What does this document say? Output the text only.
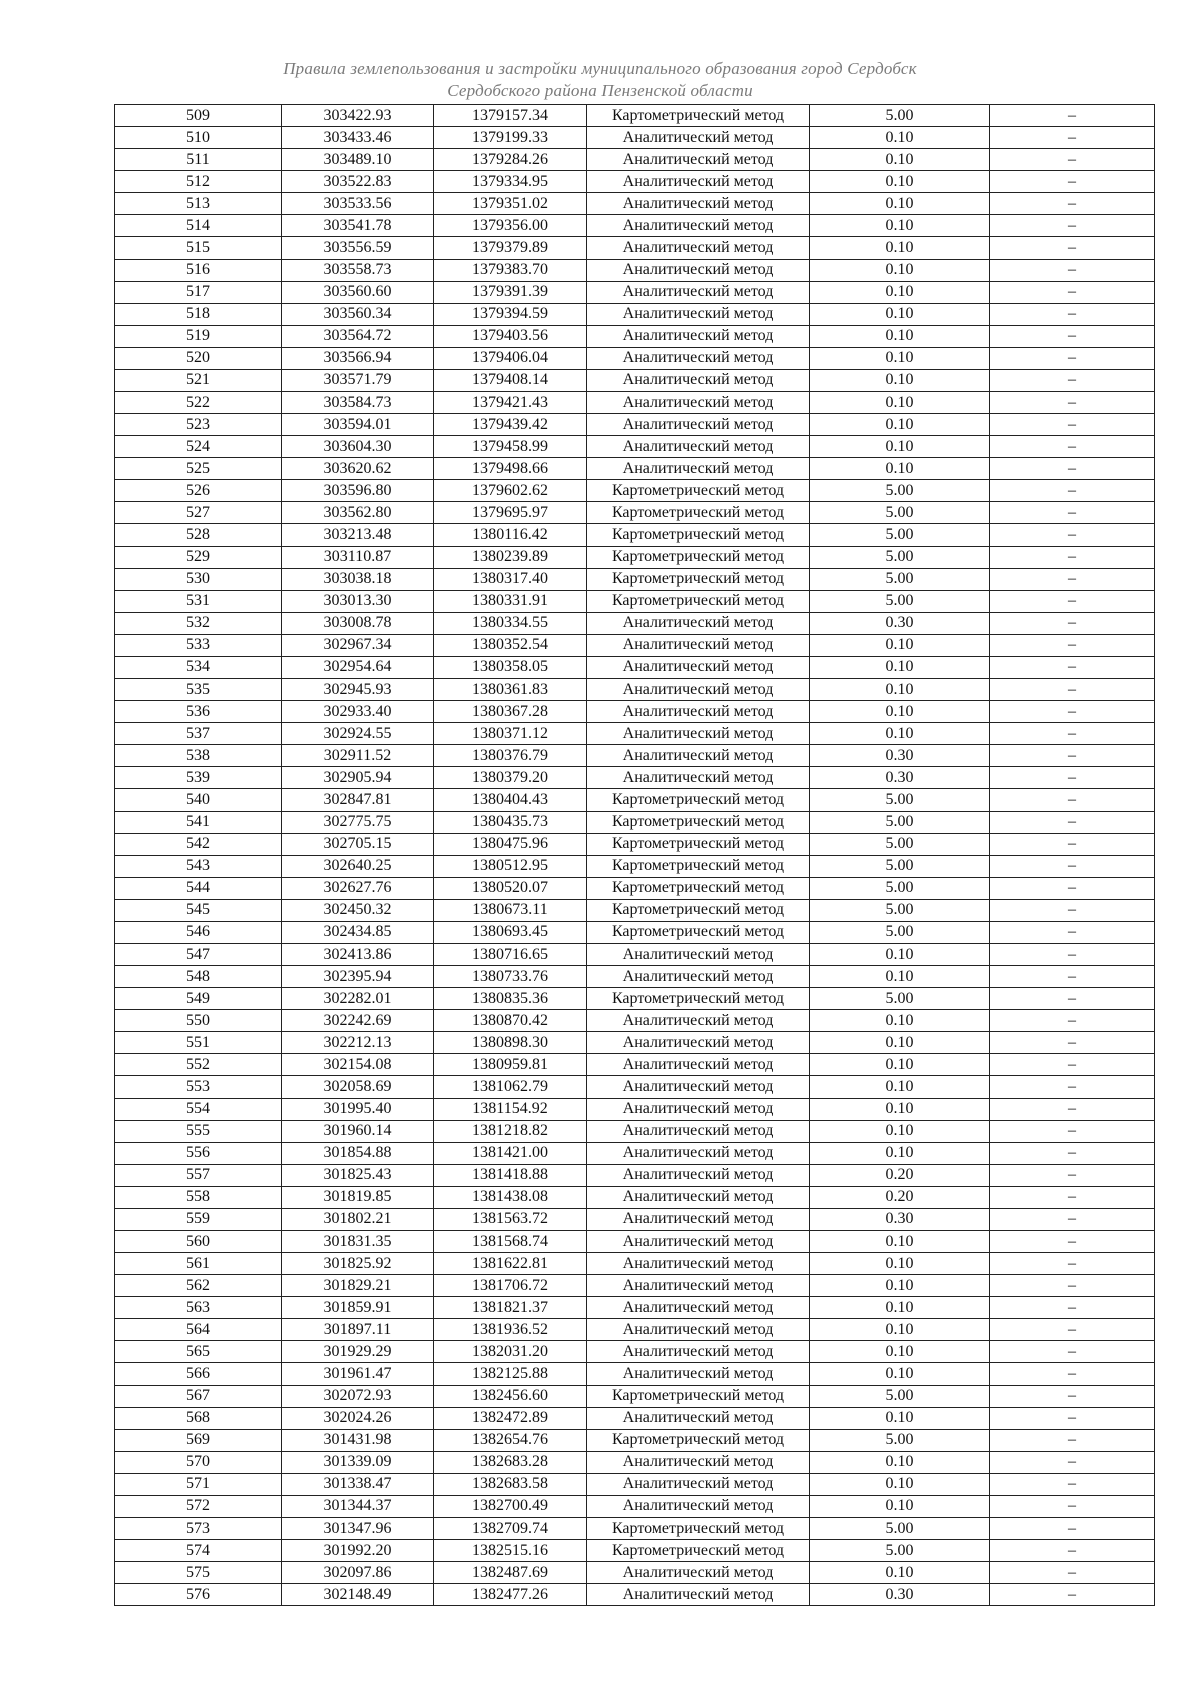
Правила землепользования и застройки муниципального образования город Сердобск
Сердобского района Пензенской области
509	303422.93	1379157.34	Картометрический метод	5.00	–
510	303433.46	1379199.33	Аналитический метод	0.10	–
511	303489.10	1379284.26	Аналитический метод	0.10	–
512	303522.83	1379334.95	Аналитический метод	0.10	–
513	303533.56	1379351.02	Аналитический метод	0.10	–
514	303541.78	1379356.00	Аналитический метод	0.10	–
515	303556.59	1379379.89	Аналитический метод	0.10	–
516	303558.73	1379383.70	Аналитический метод	0.10	–
517	303560.60	1379391.39	Аналитический метод	0.10	–
518	303560.34	1379394.59	Аналитический метод	0.10	–
519	303564.72	1379403.56	Аналитический метод	0.10	–
520	303566.94	1379406.04	Аналитический метод	0.10	–
521	303571.79	1379408.14	Аналитический метод	0.10	–
522	303584.73	1379421.43	Аналитический метод	0.10	–
523	303594.01	1379439.42	Аналитический метод	0.10	–
524	303604.30	1379458.99	Аналитический метод	0.10	–
525	303620.62	1379498.66	Аналитический метод	0.10	–
526	303596.80	1379602.62	Картометрический метод	5.00	–
527	303562.80	1379695.97	Картометрический метод	5.00	–
528	303213.48	1380116.42	Картометрический метод	5.00	–
529	303110.87	1380239.89	Картометрический метод	5.00	–
530	303038.18	1380317.40	Картометрический метод	5.00	–
531	303013.30	1380331.91	Картометрический метод	5.00	–
532	303008.78	1380334.55	Аналитический метод	0.30	–
533	302967.34	1380352.54	Аналитический метод	0.10	–
534	302954.64	1380358.05	Аналитический метод	0.10	–
535	302945.93	1380361.83	Аналитический метод	0.10	–
536	302933.40	1380367.28	Аналитический метод	0.10	–
537	302924.55	1380371.12	Аналитический метод	0.10	–
538	302911.52	1380376.79	Аналитический метод	0.30	–
539	302905.94	1380379.20	Аналитический метод	0.30	–
540	302847.81	1380404.43	Картометрический метод	5.00	–
541	302775.75	1380435.73	Картометрический метод	5.00	–
542	302705.15	1380475.96	Картометрический метод	5.00	–
543	302640.25	1380512.95	Картометрический метод	5.00	–
544	302627.76	1380520.07	Картометрический метод	5.00	–
545	302450.32	1380673.11	Картометрический метод	5.00	–
546	302434.85	1380693.45	Картометрический метод	5.00	–
547	302413.86	1380716.65	Аналитический метод	0.10	–
548	302395.94	1380733.76	Аналитический метод	0.10	–
549	302282.01	1380835.36	Картометрический метод	5.00	–
550	302242.69	1380870.42	Аналитический метод	0.10	–
551	302212.13	1380898.30	Аналитический метод	0.10	–
552	302154.08	1380959.81	Аналитический метод	0.10	–
553	302058.69	1381062.79	Аналитический метод	0.10	–
554	301995.40	1381154.92	Аналитический метод	0.10	–
555	301960.14	1381218.82	Аналитический метод	0.10	–
556	301854.88	1381421.00	Аналитический метод	0.10	–
557	301825.43	1381418.88	Аналитический метод	0.20	–
558	301819.85	1381438.08	Аналитический метод	0.20	–
559	301802.21	1381563.72	Аналитический метод	0.30	–
560	301831.35	1381568.74	Аналитический метод	0.10	–
561	301825.92	1381622.81	Аналитический метод	0.10	–
562	301829.21	1381706.72	Аналитический метод	0.10	–
563	301859.91	1381821.37	Аналитический метод	0.10	–
564	301897.11	1381936.52	Аналитический метод	0.10	–
565	301929.29	1382031.20	Аналитический метод	0.10	–
566	301961.47	1382125.88	Аналитический метод	0.10	–
567	302072.93	1382456.60	Картометрический метод	5.00	–
568	302024.26	1382472.89	Аналитический метод	0.10	–
569	301431.98	1382654.76	Картометрический метод	5.00	–
570	301339.09	1382683.28	Аналитический метод	0.10	–
571	301338.47	1382683.58	Аналитический метод	0.10	–
572	301344.37	1382700.49	Аналитический метод	0.10	–
573	301347.96	1382709.74	Картометрический метод	5.00	–
574	301992.20	1382515.16	Картометрический метод	5.00	–
575	302097.86	1382487.69	Аналитический метод	0.10	–
576	302148.49	1382477.26	Аналитический метод	0.30	–
